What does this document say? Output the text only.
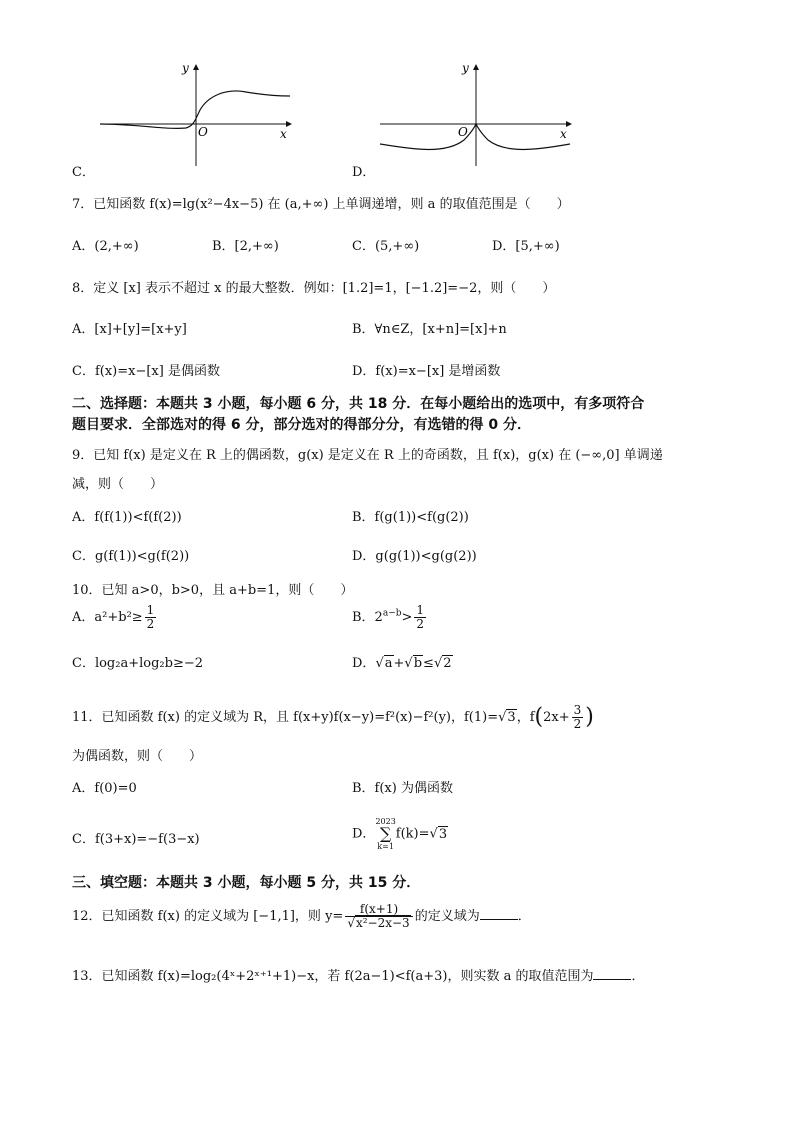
y
x
O
C．
y
x
O
D．
7．已知函数 f(x)=lg(x²−4x−5) 在 (a,+∞) 上单调递增，则 a 的取值范围是（　　）
A．(2,+∞)	B．[2,+∞)	C．(5,+∞)	D．[5,+∞)
8．定义 [x] 表示不超过 x 的最大整数．例如：[1.2]=1，[−1.2]=−2，则（　　）
A．[x]+[y]=[x+y]	B．∀n∈Z，[x+n]=[x]+n
C．f(x)=x−[x] 是偶函数	D．f(x)=x−[x] 是增函数
二、选择题：本题共 3 小题，每小题 6 分，共 18 分．在每小题给出的选项中，有多项符合
题目要求．全部选对的得 6 分，部分选对的得部分分，有选错的得 0 分．
9．已知 f(x) 是定义在 R 上的偶函数，g(x) 是定义在 R 上的奇函数，且 f(x)，g(x) 在 (−∞,0] 单调递
减，则（　　）
A．f(f(1))<f(f(2))	B．f(g(1))<f(g(2))
C．g(f(1))<g(f(2))	D．g(g(1))<g(g(2))
10．已知 a>0，b>0，且 a+b=1，则（　　）
A．$a^2+b^2\ge \frac{1}{2}$	B．$2^{a-b}> \frac{1}{2}$
C．log₂a+log₂b≥−2	D．√a+√b≤√2
11．已知函数 f(x) 的定义域为 R，且 f(x+y)f(x−y)=f²(x)−f²(y)，f(1)=√3，$f(2x+ \frac{3}{2}$ )
为偶函数，则（　　）
A．f(0)=0	B．f(x) 为偶函数
C．f(3+x)=−f(3−x)	D．
2023
∑
k=1
f(k)=√3
三、填空题：本题共 3 小题，每小题 5 分，共 15 分．
12．已知函数 f(x) 的定义域为 [−1,1]，则 $y= \frac{f(x+1)}{\text{√x²−2x−3}}$ 的定义域为	．
13．已知函数 f(x)=log₂(4ˣ+2ˣ⁺¹+1)−x，若 f(2a−1)<f(a+3)，则实数 a 的取值范围为	．
